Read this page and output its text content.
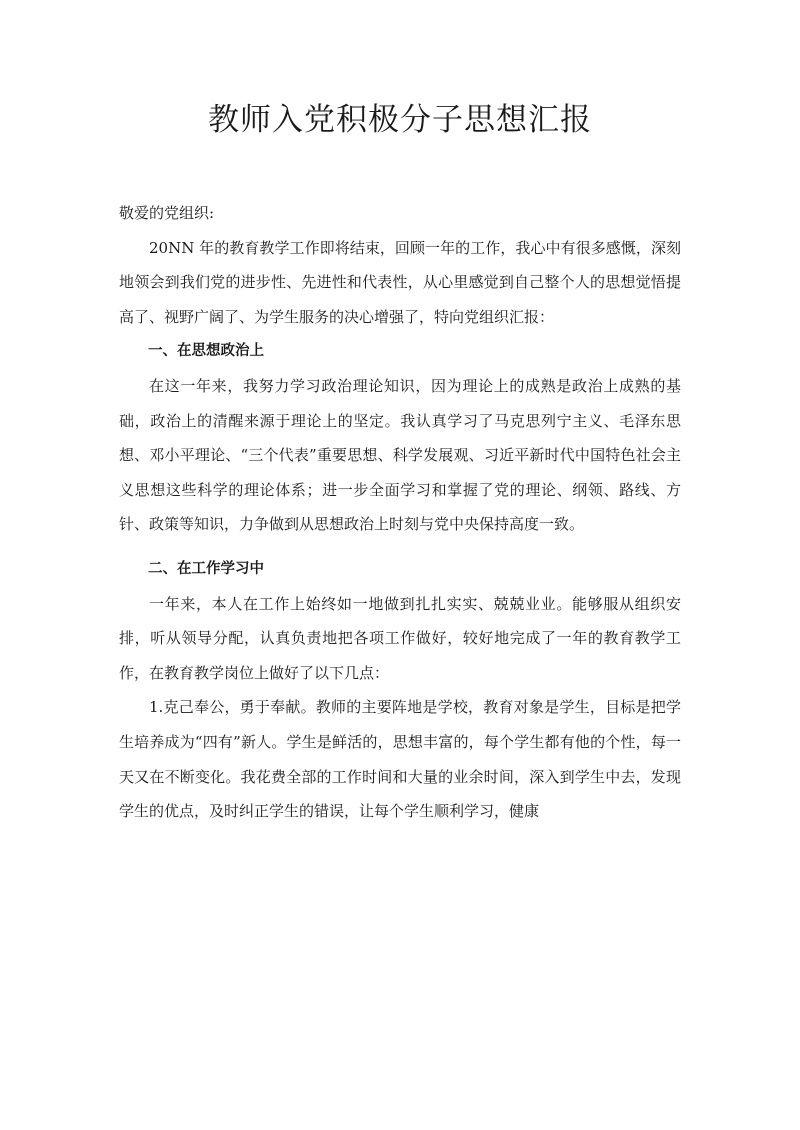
教师入党积极分子思想汇报

敬爱的党组织:

20NN 年的教育教学工作即将结束，回顾一年的工作，我心中有很多感慨，深刻地领会到我们党的进步性、先进性和代表性，从心里感觉到自己整个人的思想觉悟提高了、视野广阔了、为学生服务的决心增强了，特向党组织汇报：

一、在思想政治上

在这一年来，我努力学习政治理论知识，因为理论上的成熟是政治上成熟的基础，政治上的清醒来源于理论上的坚定。我认真学习了马克思列宁主义、毛泽东思想、邓小平理论、“三个代表”重要思想、科学发展观、习近平新时代中国特色社会主义思想这些科学的理论体系；进一步全面学习和掌握了党的理论、纲领、路线、方针、政策等知识，力争做到从思想政治上时刻与党中央保持高度一致。

二、在工作学习中

一年来，本人在工作上始终如一地做到扎扎实实、兢兢业业。能够服从组织安排，听从领导分配，认真负责地把各项工作做好，较好地完成了一年的教育教学工作，在教育教学岗位上做好了以下几点：

1.克己奉公，勇于奉献。教师的主要阵地是学校，教育对象是学生，目标是把学生培养成为“四有”新人。学生是鲜活的，思想丰富的，每个学生都有他的个性，每一天又在不断变化。我花费全部的工作时间和大量的业余时间，深入到学生中去，发现学生的优点，及时纠正学生的错误，让每个学生顺利学习，健康
